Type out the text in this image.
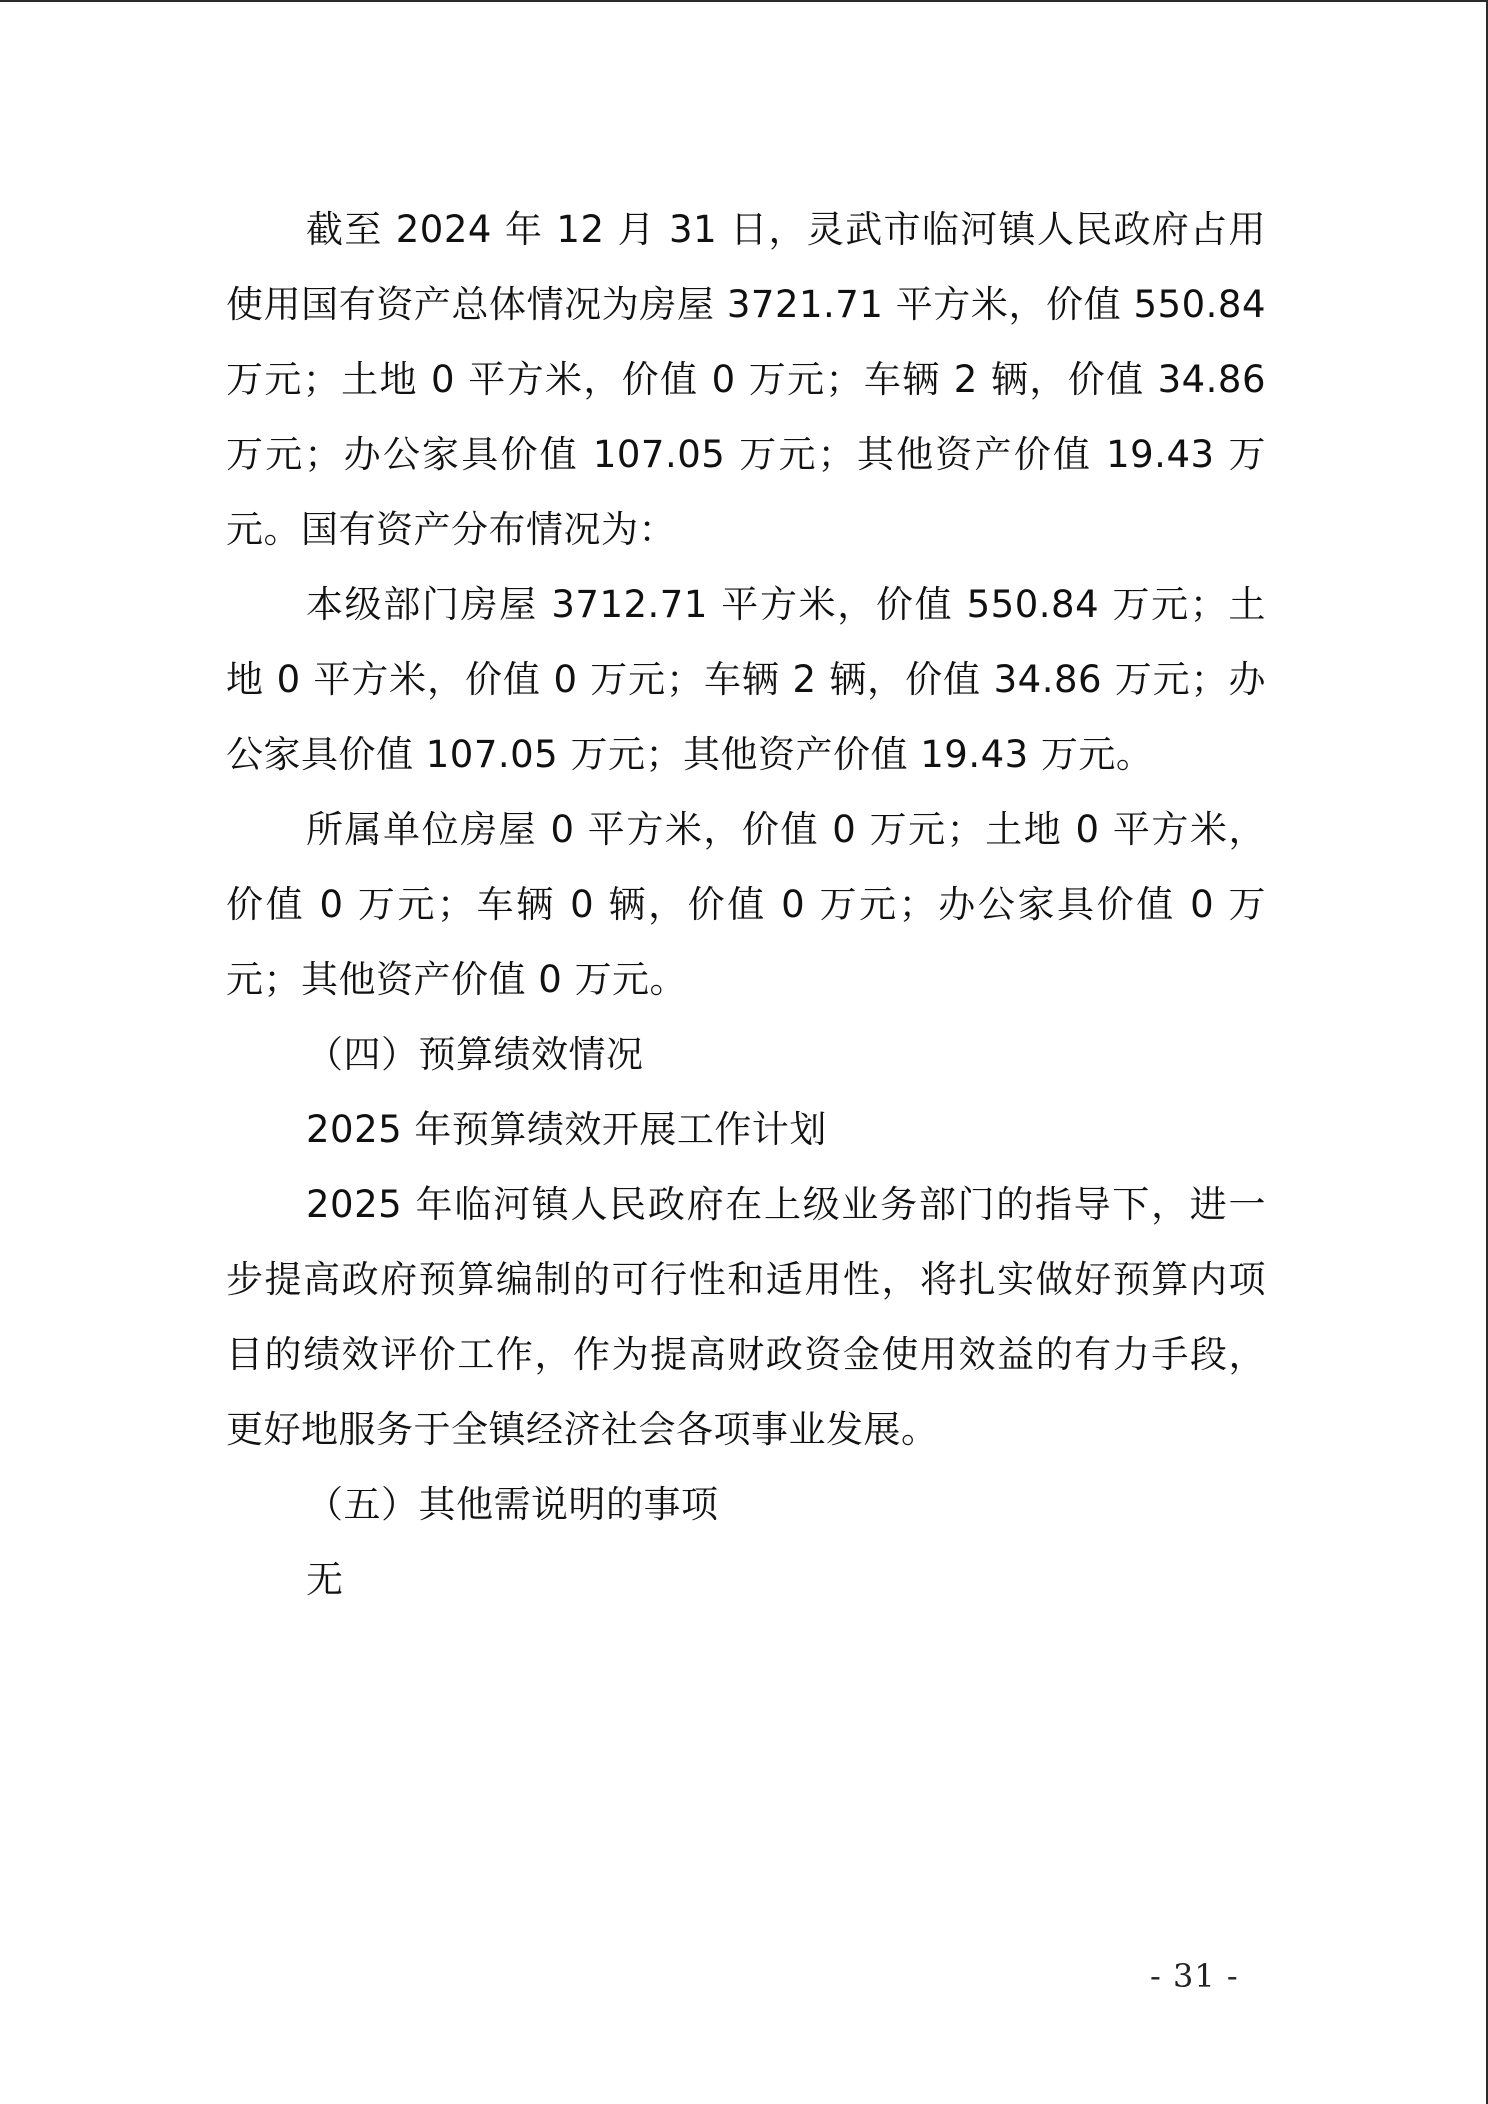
截至 2024 年 12 月 31 日，灵武市临河镇人民政府占用使用国有资产总体情况为房屋 3721.71 平方米，价值 550.84 万元；土地 0 平方米，价值 0 万元；车辆 2 辆，价值 34.86 万元；办公家具价值 107.05 万元；其他资产价值 19.43 万元。国有资产分布情况为：

本级部门房屋 3712.71 平方米，价值 550.84 万元；土地 0 平方米，价值 0 万元；车辆 2 辆，价值 34.86 万元；办公家具价值 107.05 万元；其他资产价值 19.43 万元。

所属单位房屋 0 平方米，价值 0 万元；土地 0 平方米，价值 0 万元；车辆 0 辆，价值 0 万元；办公家具价值 0 万元；其他资产价值 0 万元。

（四）预算绩效情况

2025 年预算绩效开展工作计划

2025 年临河镇人民政府在上级业务部门的指导下，进一步提高政府预算编制的可行性和适用性，将扎实做好预算内项目的绩效评价工作，作为提高财政资金使用效益的有力手段，更好地服务于全镇经济社会各项事业发展。

（五）其他需说明的事项

无

- 31 -
